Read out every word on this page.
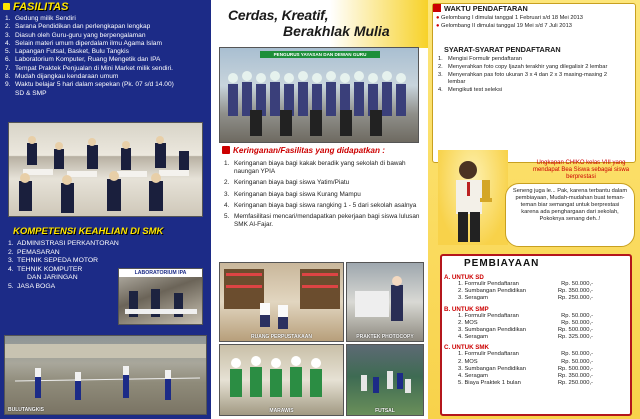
FASILITAS
1. Gedung milik Sendiri
2. Sarana Pendidikan dan perlengkapan lengkap
3. Diasuh oleh Guru-guru yang berpengalaman
4. Selain materi umum diperdalam ilmu Agama Islam
5. Lapangan Futsal, Basket, Bulu Tangkis
6. Laboratorium Komputer, Ruang Mengetik dan IPA
7. Tempat Praktek Penjualan di Mini Market milik sendiri.
8. Mudah dijangkau kendaraan umum
9. Waktu belajar 5 hari dalam sepekan (Pk. 07 s/d 14.00)
SD & SMP
KOMPETENSI KEAHLIAN DI SMK
1. ADMINISTRASI PERKANTORAN
2. PEMASARAN
3. TEHNIK SEPEDA MOTOR
4. TEHNIK KOMPUTER
DAN JARINGAN
5. JASA BOGA
LABORATORIUM IPA
BULUTANGKIS
Cerdas, Kreatif,
Berakhlak Mulia
PENGURUS YAYASAN DAN DEWAN GURU
Keringanan/Fasilitas yang didapatkan :
1. Keringanan biaya bagi kakak beradik yang sekolah di bawah naungan YPIA
2. Keringanan biaya bagi siswa Yatim/Piatu
3. Keringanan biaya bagi siswa Kurang Mampu
4. Keringanan biaya bagi siswa rangking 1 - 5 dari sekolah asalnya
5. Memfasilitasi mencari/mendapatkan pekerjaan bagi siswa lulusan SMK Al-Fajar.
RUANG PERPUSTAKAAN	PRAKTEK PHOTOCOPY
MARAWIS	FUTSAL
WAKTU PENDAFTARAN
● Gelombang I dimulai tanggal 1 Februari s/d 18 Mei 2013
● Gelombang II dimulai tanggal 19 Mei s/d 7 Juli 2013
SYARAT-SYARAT PENDAFTARAN
1. Mengisi Formulir pendaftaran
2. Menyerahkan foto copy Ijazah terakhir yang dilegalisir 2 lembar
3. Menyerahkan pas foto ukuran 3 x 4 dan 2 x 3 masing-masing 2 lembar
4. Mengikuti test seleksi
Ungkapan CHIKO kelas VIII yang mendapat Bea Siswa sebagai siswa berprestasi
Seneng juga le... Pak, karena terbantu dalam pembiayaan, Mudah-mudahan buat teman-teman biar semangat untuk berprestasi karena ada penghargaan dari sekolah, Pokoknya senang deh..!
PEMBIAYAAN
A. UNTUK SD
1. Formulir Pendaftaran	Rp. 50.000,-
2. Sumbangan Pendidikan	Rp. 350.000,-
3. Seragam	Rp. 250.000,-
B. UNTUK SMP
1. Formulir Pendaftaran	Rp. 50.000,-
2. MOS	Rp. 50.000,-
3. Sumbangan Pendidikan	Rp. 500.000,-
4. Seragam	Rp. 325.000,-
C. UNTUK SMK
1. Formulir Pendaftaran	Rp. 50.000,-
2. MOS	Rp. 50.000,-
3. Sumbangan Pendidikan	Rp. 500.000,-
4. Seragam	Rp. 350.000,-
5. Biaya Praktek 1 bulan	Rp. 250.000,-
